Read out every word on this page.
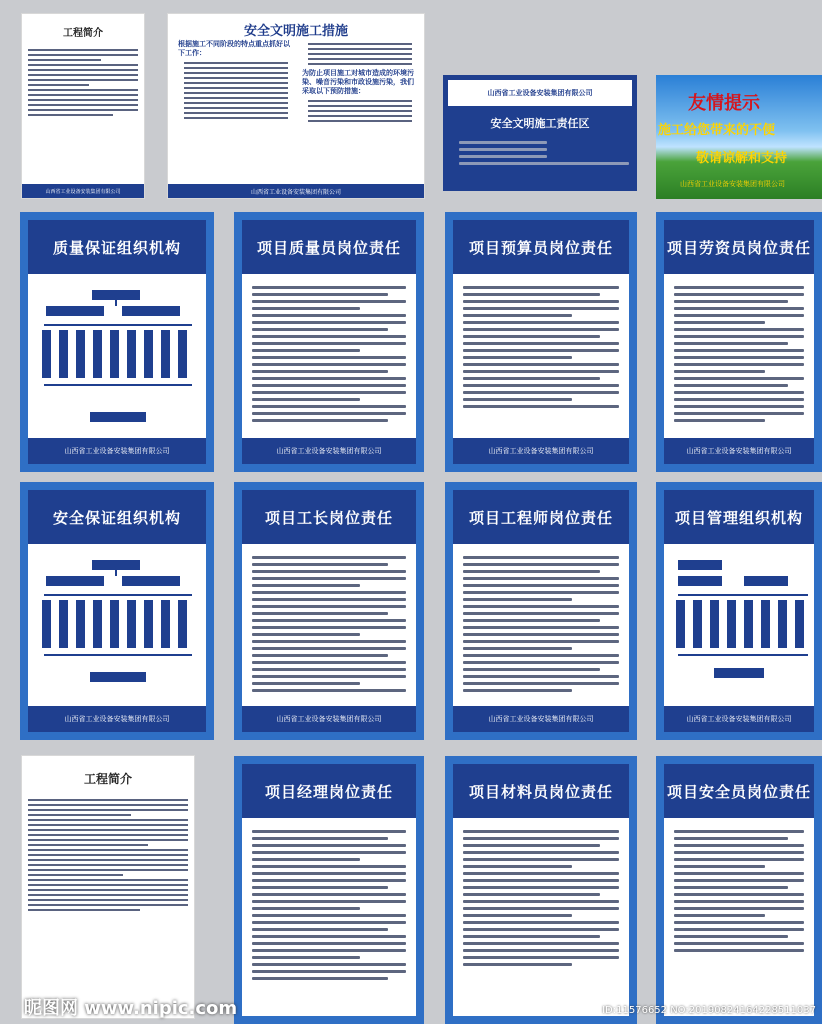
工程简介
山西省工业设备安装集团有限公司
安全文明施工措施
根据施工不同阶段的特点重点抓好以下工作：
为防止项目施工对城市造成的环境污染、噪音污染和市政设施污染，我们采取以下预防措施：
山西省工业设备安装集团有限公司
山西省工业设备安装集团有限公司
安全文明施工责任区
友情提示
施工给您带来的不便
敬请谅解和支持
山西省工业设备安装集团有限公司
质量保证组织机构
山西省工业设备安装集团有限公司
项目质量员岗位责任
山西省工业设备安装集团有限公司
项目预算员岗位责任
山西省工业设备安装集团有限公司
项目劳资员岗位责任
山西省工业设备安装集团有限公司
安全保证组织机构
山西省工业设备安装集团有限公司
项目工长岗位责任
山西省工业设备安装集团有限公司
项目工程师岗位责任
山西省工业设备安装集团有限公司
项目管理组织机构
山西省工业设备安装集团有限公司
工程简介
项目经理岗位责任	项目材料员岗位责任	项目安全员岗位责任
昵图网 www.nipic.com	ID:11576652 NO:20190824164228511037
